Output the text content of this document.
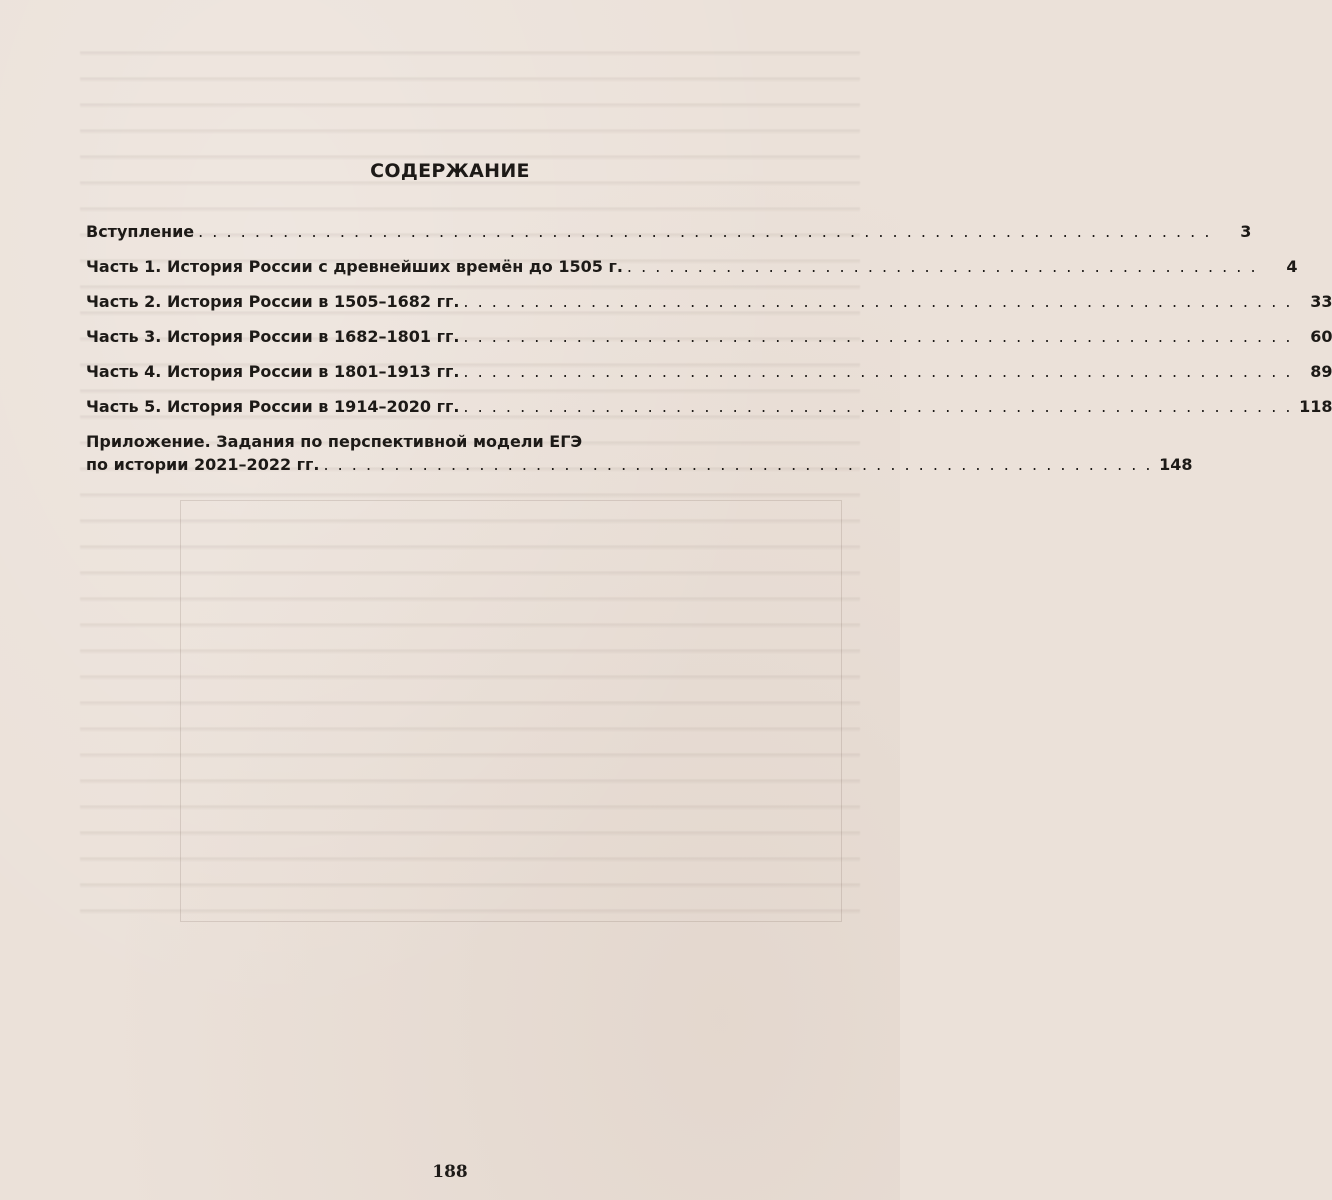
СОДЕРЖАНИЕ
Вступление . . . . . . . . . . . . . . . . . . . . . . . . . . . . . . . . . . . . . . . . . . . . . . . . . . . . . . . . . . . . . . . . . . . . . . . .	3
Часть 1. История России с древнейших времён до 1505 г. . . . . . . . . . . . . . . . . . . . . . . . . . . . . . . . . . . . . . . . . . . . . .	4
Часть 2. История России в 1505–1682 гг. . . . . . . . . . . . . . . . . . . . . . . . . . . . . . . . . . . . . . . . . . . . . . . . . . . . . . . . . . . .	33
Часть 3. История России в 1682–1801 гг. . . . . . . . . . . . . . . . . . . . . . . . . . . . . . . . . . . . . . . . . . . . . . . . . . . . . . . . . . . .	60
Часть 4. История России в 1801–1913 гг. . . . . . . . . . . . . . . . . . . . . . . . . . . . . . . . . . . . . . . . . . . . . . . . . . . . . . . . . . . .	89
Часть 5. История России в 1914–2020 гг. . . . . . . . . . . . . . . . . . . . . . . . . . . . . . . . . . . . . . . . . . . . . . . . . . . . . . . . . . . . 118
Приложение. Задания по перспективной модели ЕГЭ
по истории 2021–2022 гг. . . . . . . . . . . . . . . . . . . . . . . . . . . . . . . . . . . . . . . . . . . . . . . . . . . . . . . . . . . . 148
188
